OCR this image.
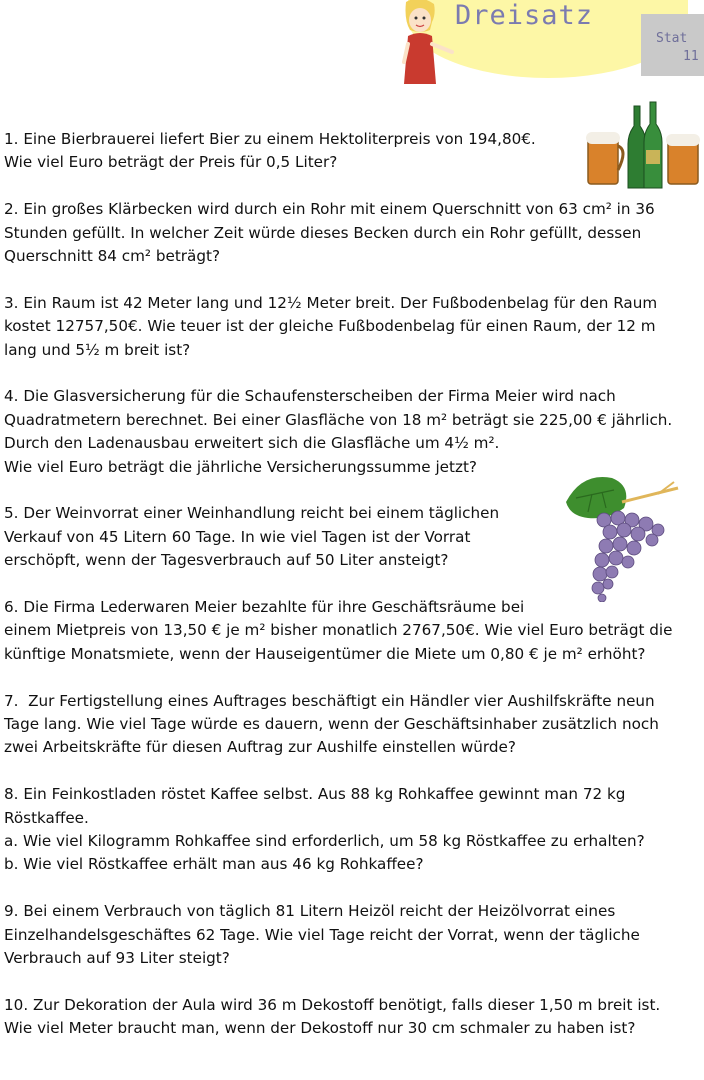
Dreisatz
Stat
11

1. Eine Bierbrauerei liefert Bier zu einem Hektoliterpreis von 194,80€.
Wie viel Euro beträgt der Preis für 0,5 Liter?

2. Ein großes Klärbecken wird durch ein Rohr mit einem Querschnitt von 63 cm² in 36 Stunden gefüllt. In welcher Zeit würde dieses Becken durch ein Rohr gefüllt, dessen Querschnitt 84 cm² beträgt?

3. Ein Raum ist 42 Meter lang und 12½ Meter breit. Der Fußbodenbelag für den Raum kostet 12757,50€. Wie teuer ist der gleiche Fußbodenbelag für einen Raum, der 12 m lang und 5½ m breit ist?

4. Die Glasversicherung für die Schaufensterscheiben der Firma Meier wird nach Quadratmetern berechnet. Bei einer Glasfläche von 18 m² beträgt sie 225,00 € jährlich. Durch den Ladenausbau erweitert sich die Glasfläche um 4½ m².
Wie viel Euro beträgt die jährliche Versicherungssumme jetzt?

5. Der Weinvorrat einer Weinhandlung reicht bei einem täglichen
Verkauf von 45 Litern 60 Tage. In wie viel Tagen ist der Vorrat
erschöpft, wenn der Tagesverbrauch auf 50 Liter ansteigt?

6. Die Firma Lederwaren Meier bezahlte für ihre Geschäftsräume bei
einem Mietpreis von 13,50 € je m² bisher monatlich 2767,50€. Wie viel Euro beträgt die künftige Monatsmiete, wenn der Hauseigentümer die Miete um 0,80 € je m² erhöht?

7.  Zur Fertigstellung eines Auftrages beschäftigt ein Händler vier Aushilfskräfte neun Tage lang. Wie viel Tage würde es dauern, wenn der Geschäftsinhaber zusätzlich noch zwei Arbeitskräfte für diesen Auftrag zur Aushilfe einstellen würde?

8. Ein Feinkostladen röstet Kaffee selbst. Aus 88 kg Rohkaffee gewinnt man 72 kg Röstkaffee.
a. Wie viel Kilogramm Rohkaffee sind erforderlich, um 58 kg Röstkaffee zu erhalten?
b. Wie viel Röstkaffee erhält man aus 46 kg Rohkaffee?

9. Bei einem Verbrauch von täglich 81 Litern Heizöl reicht der Heizölvorrat eines Einzelhandelsgeschäftes 62 Tage. Wie viel Tage reicht der Vorrat, wenn der tägliche Verbrauch auf 93 Liter steigt?

10. Zur Dekoration der Aula wird 36 m Dekostoff benötigt, falls dieser 1,50 m breit ist. Wie viel Meter braucht man, wenn der Dekostoff nur 30 cm schmaler zu haben ist?
